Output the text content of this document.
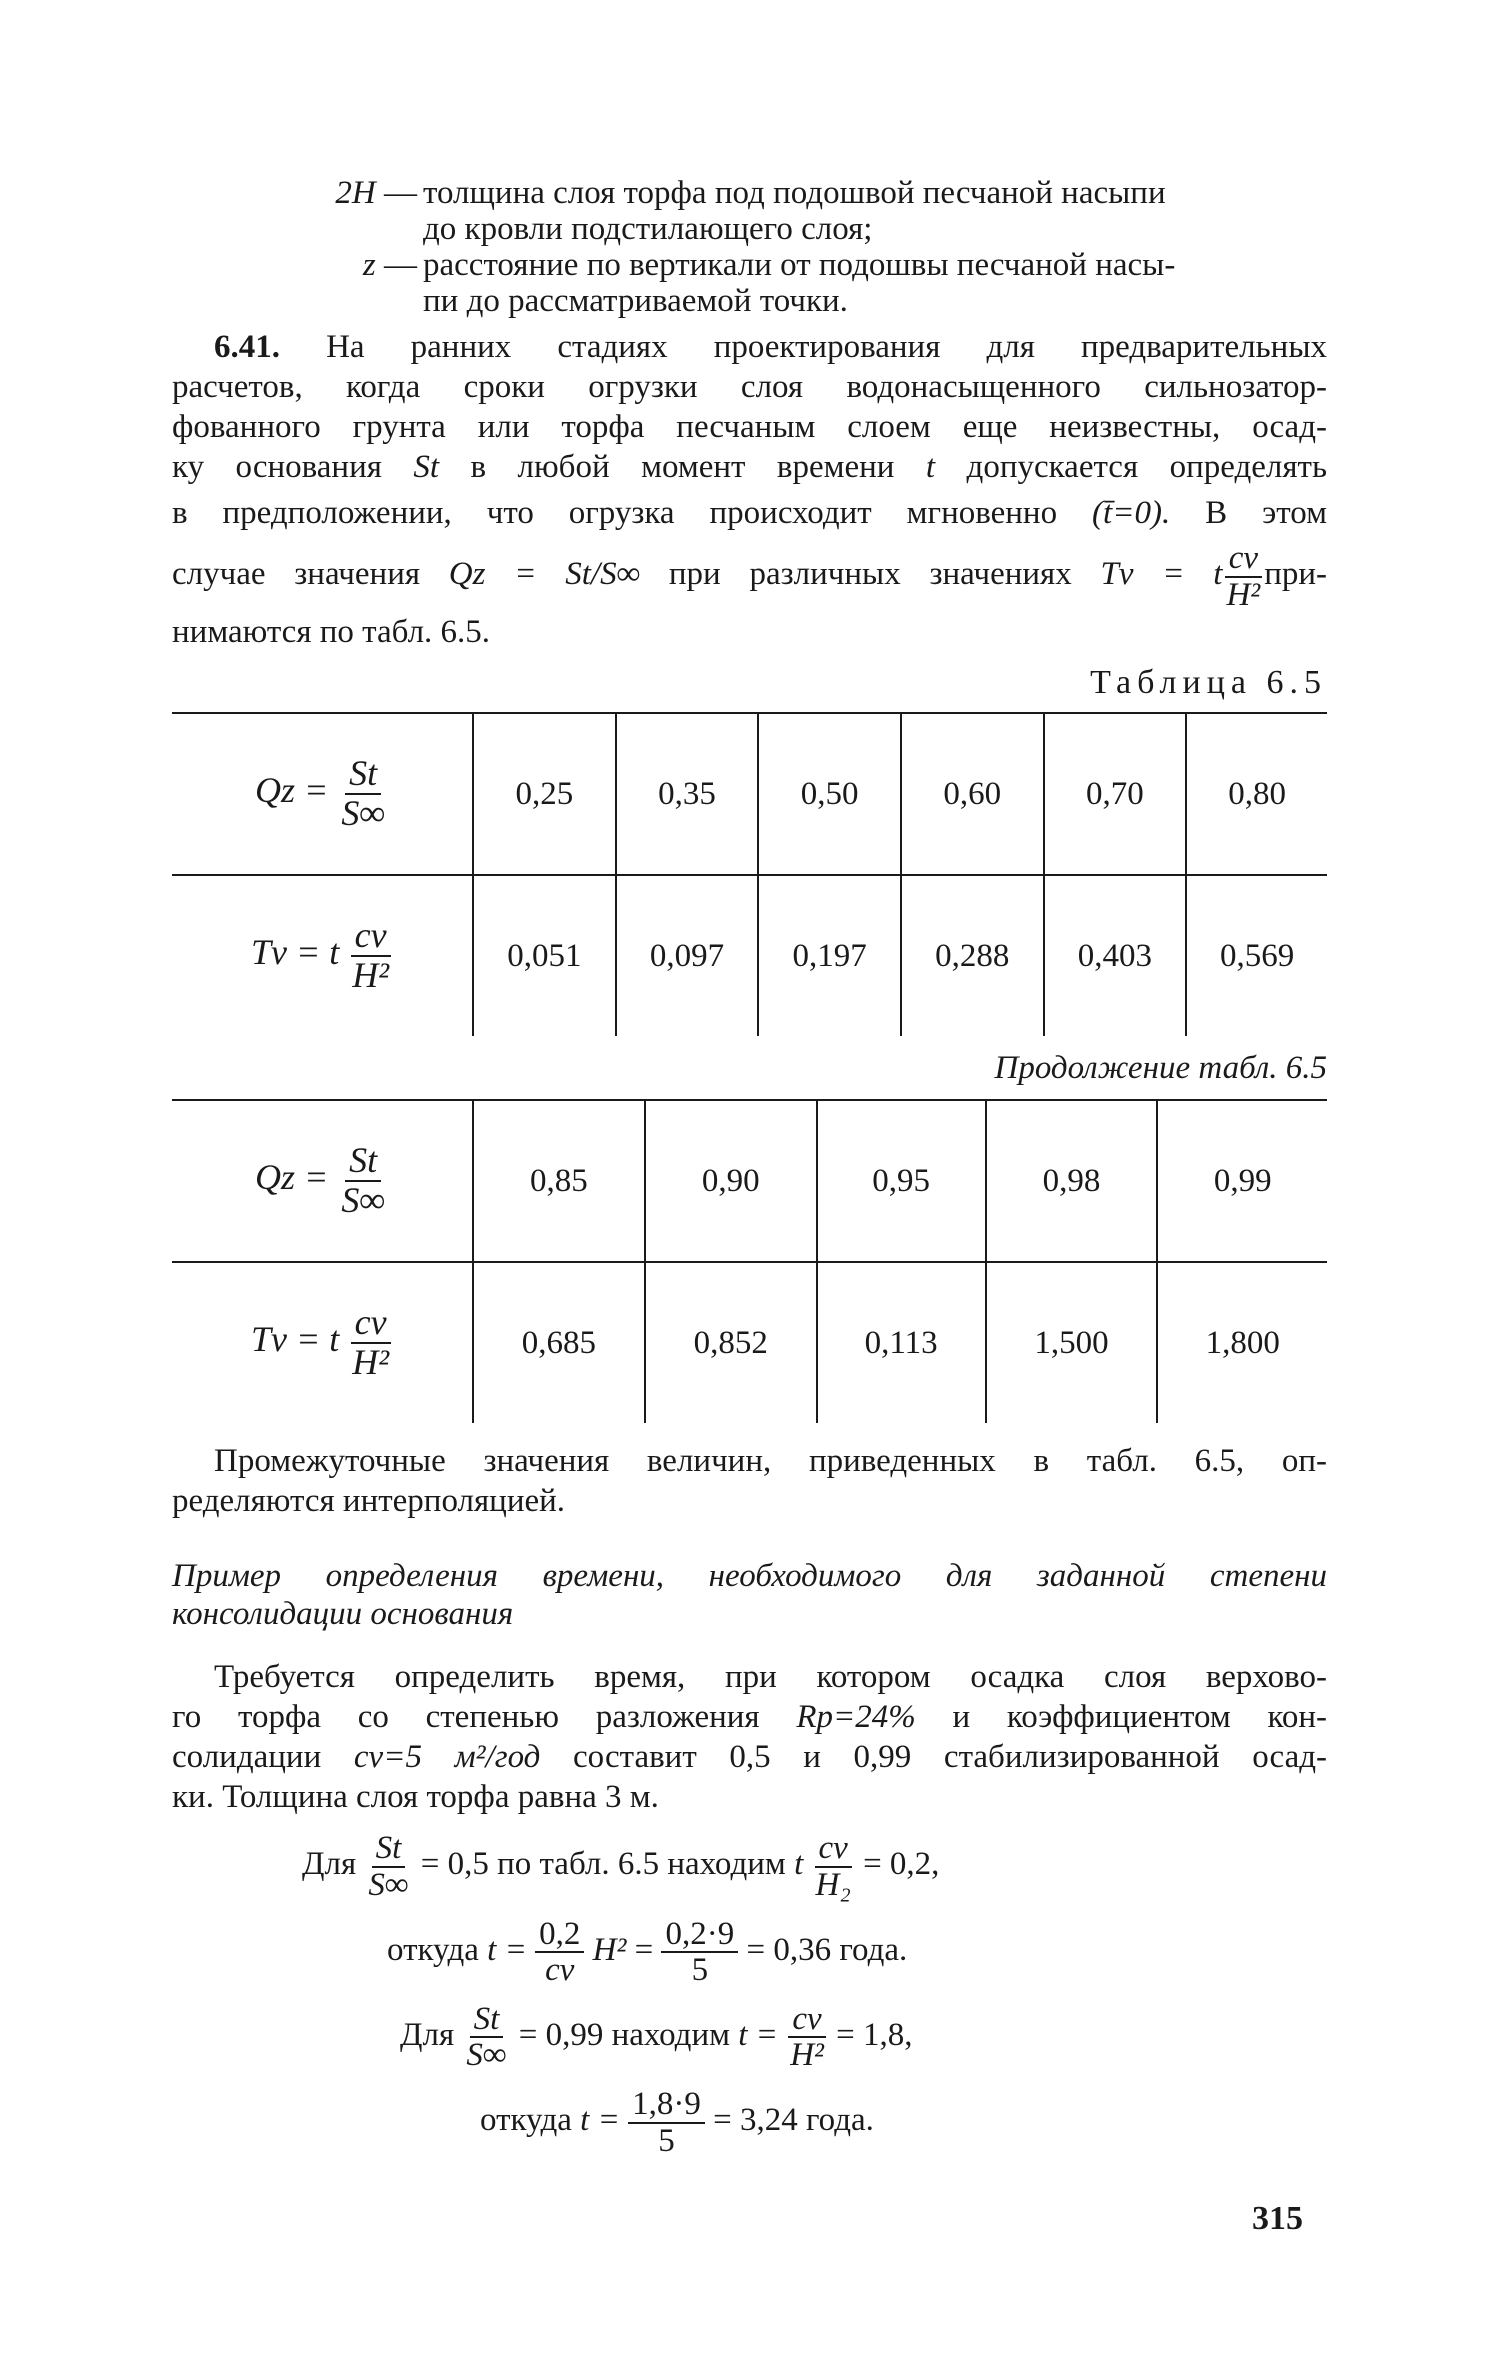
2H — толщина слоя торфа под подошвой песчаной насыпи
до кровли подстилающего слоя;
z — расстояние по вертикали от подошвы песчаной насы-
пи до рассматриваемой точки.
6.41. На ранних стадиях проектирования для предварительных
расчетов, когда сроки огрузки слоя водонасыщенного сильнозатор-
фованного грунта или торфа песчаным слоем еще неизвестны, осад-
ку основания St в любой момент времени t допускается определять
в предположении, что огрузка происходит мгновенно (t̄=0). В этом
случае значения Qz = St/S∞ при различных значениях Tv = t $\frac{cv}{\text{H²}} при-$
нимаются по табл. 6.5.
Таблица 6.5
$Qz = \frac{St}{S\infty}$	0,25	0,35	0,50	0,60	0,70	0,80
Tv = t $\frac{cv}{\text{H²}}$	0,051	0,097	0,197	0,288	0,403	0,569
Продолжение табл. 6.5
$Qz = \frac{St}{S\infty}$	0,85	0,90	0,95	0,98	0,99
Tv = t $\frac{cv}{\text{H²}}$	0,685	0,852	0,113	1,500	1,800
Промежуточные значения величин, приведенных в табл. 6.5, оп-
ределяются интерполяцией.
Пример определения времени, необходимого для заданной степени
консолидации основания
Требуется определить время, при котором осадка слоя верхово-
го торфа со степенью разложения Rр=24% и коэффициентом кон-
солидации cv=5 м²/год составит 0,5 и 0,99 стабилизированной осад-
ки. Толщина слоя торфа равна 3 м.
Для $\frac{St}{S\infty} = 0,5$ по табл. 6.5 находим t $\frac{cv}{\text{H₂}} = 0,2$,
откуда $t = \frac{0,2}{cv} H^2 = \frac{0,2\cdot 9}{5} = 0,36$ года.
Для $\frac{St}{S\infty} = 0,99$ находим $t = \frac{cv}{\text{H²}} = 1,8$,
откуда $t = \frac{1,8\cdot 9}{5} = 3,24$ года.
315
